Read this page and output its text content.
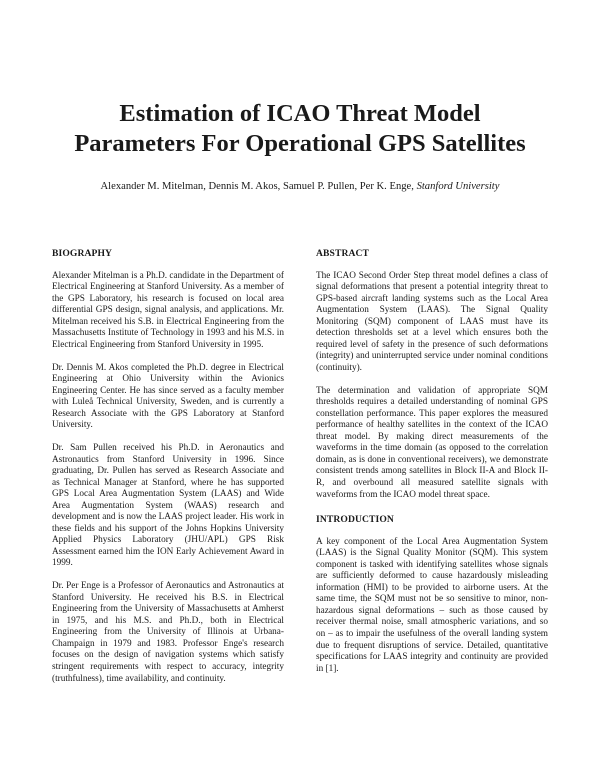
Estimation of ICAO Threat Model
Parameters For Operational GPS Satellites

Alexander M. Mitelman, Dennis M. Akos, Samuel P. Pullen, Per K. Enge, Stanford University

BIOGRAPHY

Alexander Mitelman is a Ph.D. candidate in the Department of Electrical Engineering at Stanford University. As a member of the GPS Laboratory, his research is focused on local area differential GPS design, signal analysis, and applications. Mr. Mitelman received his S.B. in Electrical Engineering from the Massachusetts Institute of Technology in 1993 and his M.S. in Electrical Engineering from Stanford University in 1995.

Dr. Dennis M. Akos completed the Ph.D. degree in Electrical Engineering at Ohio University within the Avionics Engineering Center. He has since served as a faculty member with Luleå Technical University, Sweden, and is currently a Research Associate with the GPS Laboratory at Stanford University.

Dr. Sam Pullen received his Ph.D. in Aeronautics and Astronautics from Stanford University in 1996. Since graduating, Dr. Pullen has served as Research Associate and as Technical Manager at Stanford, where he has supported GPS Local Area Augmentation System (LAAS) and Wide Area Augmentation System (WAAS) research and development and is now the LAAS project leader. His work in these fields and his support of the Johns Hopkins University Applied Physics Laboratory (JHU/APL) GPS Risk Assessment earned him the ION Early Achievement Award in 1999.

Dr. Per Enge is a Professor of Aeronautics and Astronautics at Stanford University. He received his B.S. in Electrical Engineering from the University of Massachusetts at Amherst in 1975, and his M.S. and Ph.D., both in Electrical Engineering from the University of Illinois at Urbana-Champaign in 1979 and 1983. Professor Enge's research focuses on the design of navigation systems which satisfy stringent requirements with respect to accuracy, integrity (truthfulness), time availability, and continuity.

ABSTRACT

The ICAO Second Order Step threat model defines a class of signal deformations that present a potential integrity threat to GPS-based aircraft landing systems such as the Local Area Augmentation System (LAAS). The Signal Quality Monitoring (SQM) component of LAAS must have its detection thresholds set at a level which ensures both the required level of safety in the presence of such deformations (integrity) and uninterrupted service under nominal conditions (continuity).

The determination and validation of appropriate SQM thresholds requires a detailed understanding of nominal GPS constellation performance. This paper explores the measured performance of healthy satellites in the context of the ICAO threat model. By making direct measurements of the waveforms in the time domain (as opposed to the correlation domain, as is done in conventional receivers), we demonstrate consistent trends among satellites in Block II-A and Block II-R, and overbound all measured satellite signals with waveforms from the ICAO model threat space.

INTRODUCTION

A key component of the Local Area Augmentation System (LAAS) is the Signal Quality Monitor (SQM). This system component is tasked with identifying satellites whose signals are sufficiently deformed to cause hazardously misleading information (HMI) to be provided to airborne users. At the same time, the SQM must not be so sensitive to minor, non-hazardous signal deformations – such as those caused by receiver thermal noise, small atmospheric variations, and so on – as to impair the usefulness of the overall landing system due to frequent disruptions of service. Detailed, quantitative specifications for LAAS integrity and continuity are provided in [1].
